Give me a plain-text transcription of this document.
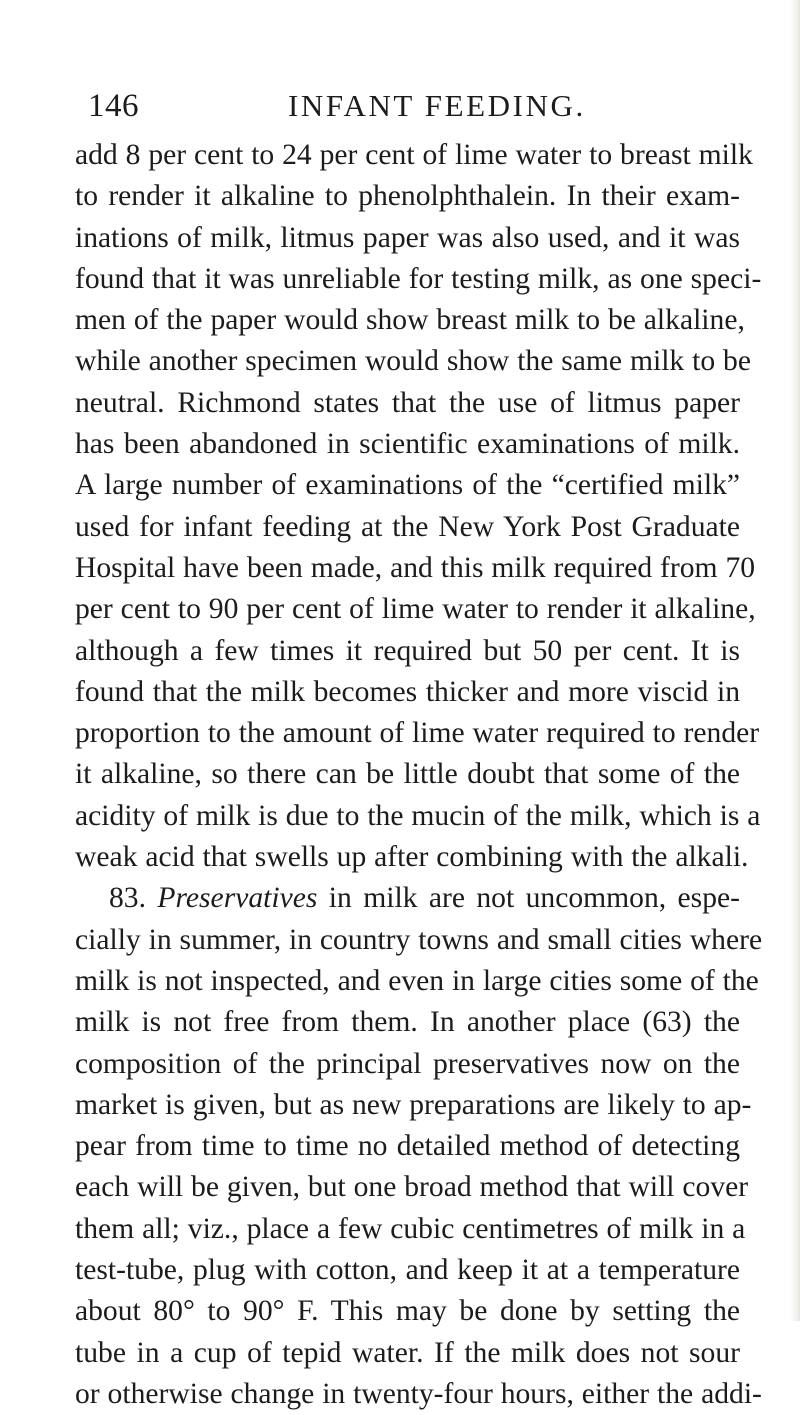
146	INFANT FEEDING.
add 8 per cent to 24 per cent of lime water to breast milk
to render it alkaline to phenolphthalein. In their exam-
inations of milk, litmus paper was also used, and it was
found that it was unreliable for testing milk, as one speci-
men of the paper would show breast milk to be alkaline,
while another specimen would show the same milk to be
neutral. Richmond states that the use of litmus paper
has been abandoned in scientific examinations of milk.
A large number of examinations of the “certified milk”
used for infant feeding at the New York Post Graduate
Hospital have been made, and this milk required from 70
per cent to 90 per cent of lime water to render it alkaline,
although a few times it required but 50 per cent. It is
found that the milk becomes thicker and more viscid in
proportion to the amount of lime water required to render
it alkaline, so there can be little doubt that some of the
acidity of milk is due to the mucin of the milk, which is a
weak acid that swells up after combining with the alkali.
83. Preservatives in milk are not uncommon, espe-
cially in summer, in country towns and small cities where
milk is not inspected, and even in large cities some of the
milk is not free from them. In another place (63) the
composition of the principal preservatives now on the
market is given, but as new preparations are likely to ap-
pear from time to time no detailed method of detecting
each will be given, but one broad method that will cover
them all; viz., place a few cubic centimetres of milk in a
test-tube, plug with cotton, and keep it at a temperature
about 80° to 90° F. This may be done by setting the
tube in a cup of tepid water. If the milk does not sour
or otherwise change in twenty-four hours, either the addi-
